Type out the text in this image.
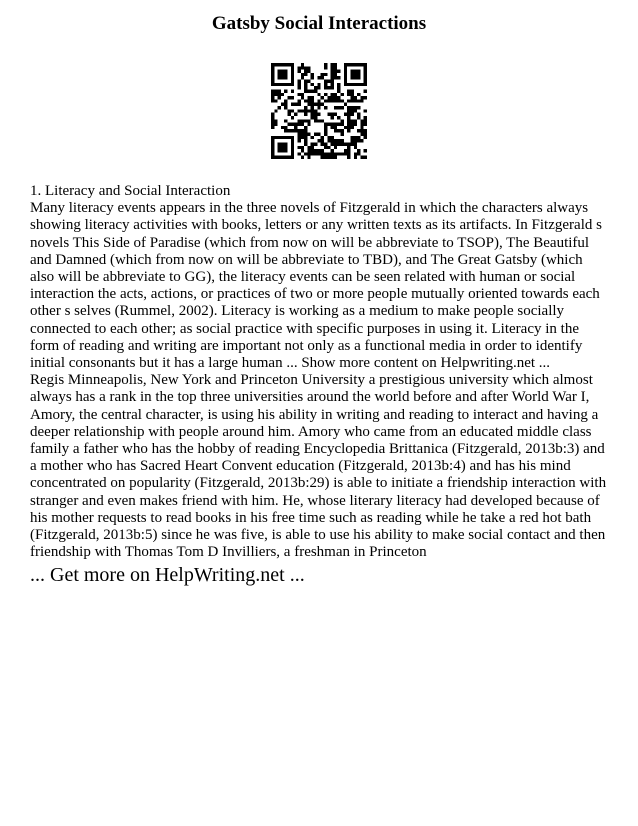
Gatsby Social Interactions

1. Literacy and Social Interaction

Many literacy events appears in the three novels of Fitzgerald in which the characters always showing literacy activities with books, letters or any written texts as its artifacts. In Fitzgerald s novels This Side of Paradise (which from now on will be abbreviate to TSOP), The Beautiful and Damned (which from now on will be abbreviate to TBD), and The Great Gatsby (which also will be abbreviate to GG), the literacy events can be seen related with human or social interaction the acts, actions, or practices of two or more people mutually oriented towards each other s selves (Rummel, 2002). Literacy is working as a medium to make people socially connected to each other; as social practice with specific purposes in using it. Literacy in the form of reading and writing are important not only as a functional media in order to identify initial consonants but it has a large human ... Show more content on Helpwriting.net ...

Regis Minneapolis, New York and Princeton University a prestigious university which almost always has a rank in the top three universities around the world before and after World War I, Amory, the central character, is using his ability in writing and reading to interact and having a deeper relationship with people around him. Amory who came from an educated middle class family a father who has the hobby of reading Encyclopedia Brittanica (Fitzgerald, 2013b:3) and a mother who has Sacred Heart Convent education (Fitzgerald, 2013b:4) and has his mind concentrated on popularity (Fitzgerald, 2013b:29) is able to initiate a friendship interaction with stranger and even makes friend with him. He, whose literary literacy had developed because of his mother requests to read books in his free time such as reading while he take a red hot bath (Fitzgerald, 2013b:5) since he was five, is able to use his ability to make social contact and then friendship with Thomas Tom D Invilliers, a freshman in Princeton

... Get more on HelpWriting.net ...
